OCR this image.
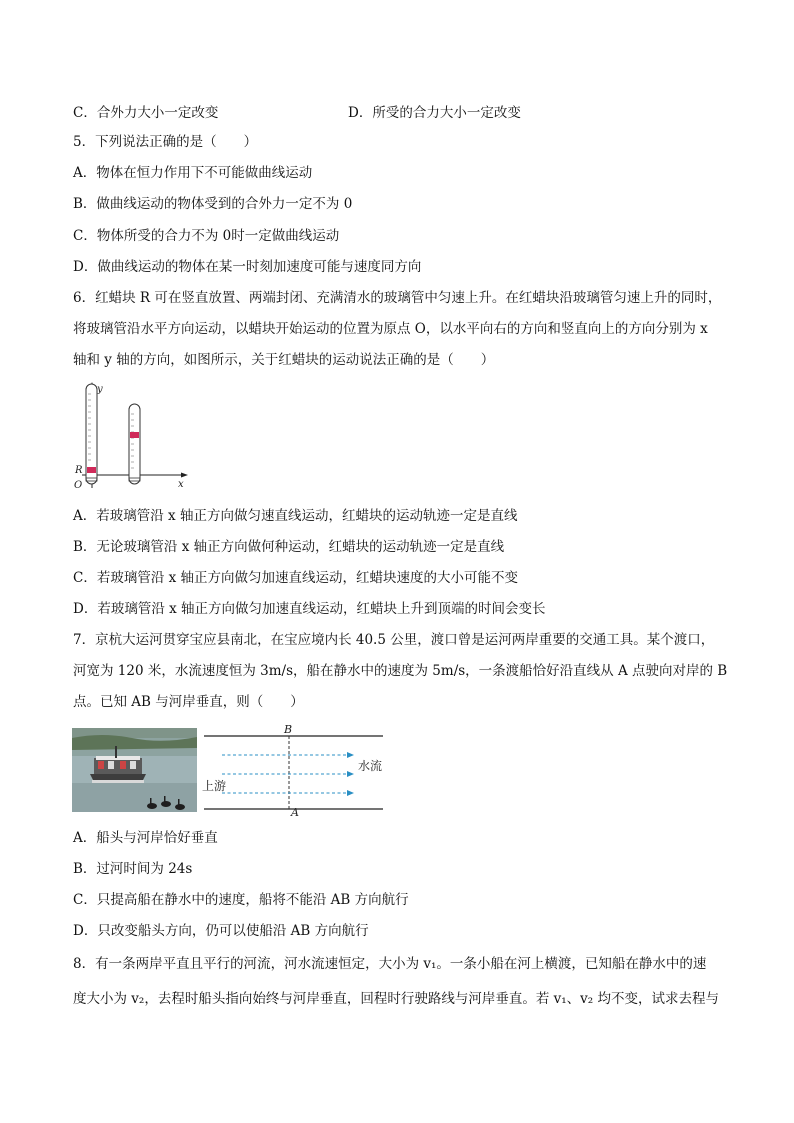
C．合外力大小一定改变	D．所受的合力大小一定改变
5．下列说法正确的是（　　）
A．物体在恒力作用下不可能做曲线运动
B．做曲线运动的物体受到的合外力一定不为 0
C．物体所受的合力不为 0时一定做曲线运动
D．做曲线运动的物体在某一时刻加速度可能与速度同方向
6．红蜡块 R 可在竖直放置、两端封闭、充满清水的玻璃管中匀速上升。在红蜡块沿玻璃管匀速上升的同时，
将玻璃管沿水平方向运动，以蜡块开始运动的位置为原点 O，以水平向右的方向和竖直向上的方向分别为 x
轴和 y 轴的方向，如图所示，关于红蜡块的运动说法正确的是（　　）
y
x
R
O
A．若玻璃管沿 x 轴正方向做匀速直线运动，红蜡块的运动轨迹一定是直线
B．无论玻璃管沿 x 轴正方向做何种运动，红蜡块的运动轨迹一定是直线
C．若玻璃管沿 x 轴正方向做匀加速直线运动，红蜡块速度的大小可能不变
D．若玻璃管沿 x 轴正方向做匀加速直线运动，红蜡块上升到顶端的时间会变长
7．京杭大运河贯穿宝应县南北，在宝应境内长 40.5 公里，渡口曾是运河两岸重要的交通工具。某个渡口，
河宽为 120 米，水流速度恒为 3m/s，船在静水中的速度为 5m/s，一条渡船恰好沿直线从 A 点驶向对岸的 B
点。已知 AB 与河岸垂直，则（　　）
B
A
水流
上游
A．船头与河岸恰好垂直
B．过河时间为 24s
C．只提高船在静水中的速度，船将不能沿 AB 方向航行
D．只改变船头方向，仍可以使船沿 AB 方向航行
8．有一条两岸平直且平行的河流，河水流速恒定，大小为 v₁。一条小船在河上横渡，已知船在静水中的速
度大小为 v₂，去程时船头指向始终与河岸垂直，回程时行驶路线与河岸垂直。若 v₁、v₂ 均不变，试求去程与
